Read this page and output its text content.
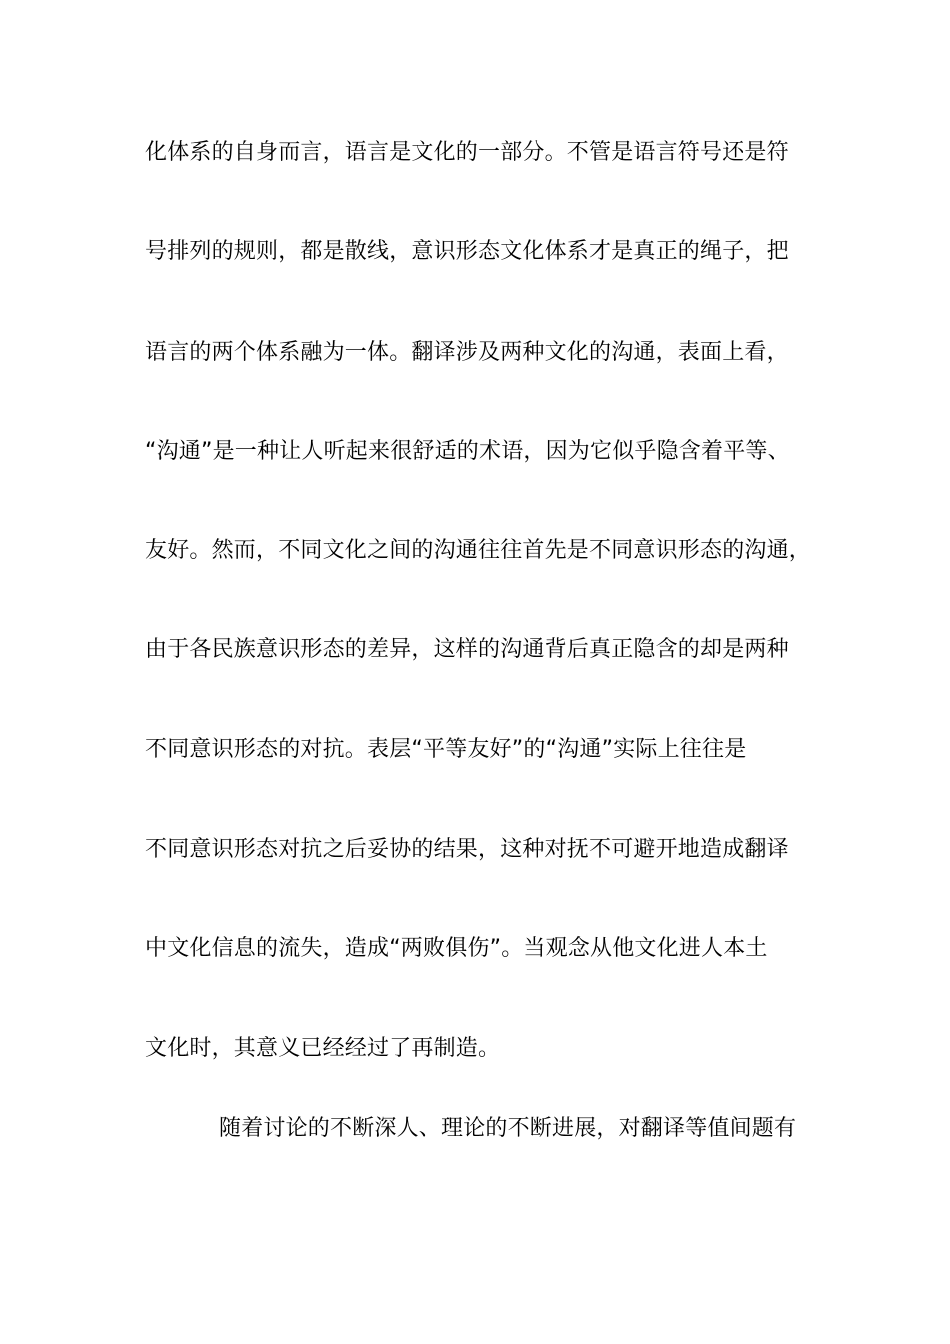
化体系的自身而言，语言是文化的一部分。不管是语言符号还是符
号排列的规则，都是散线，意识形态文化体系才是真正的绳子，把
语言的两个体系融为一体。翻译涉及两种文化的沟通，表面上看，
“沟通”是一种让人听起来很舒适的术语，因为它似乎隐含着平等、
友好。然而，不同文化之间的沟通往往首先是不同意识形态的沟通，
由于各民族意识形态的差异，这样的沟通背后真正隐含的却是两种
不同意识形态的对抗。表层“平等友好”的“沟通”实际上往往是
不同意识形态对抗之后妥协的结果，这种对抚不可避开地造成翻译
中文化信息的流失，造成“两败俱伤”。当观念从他文化进人本土
文化时，其意义已经经过了再制造。
随着讨论的不断深人、理论的不断进展，对翻译等值间题有
